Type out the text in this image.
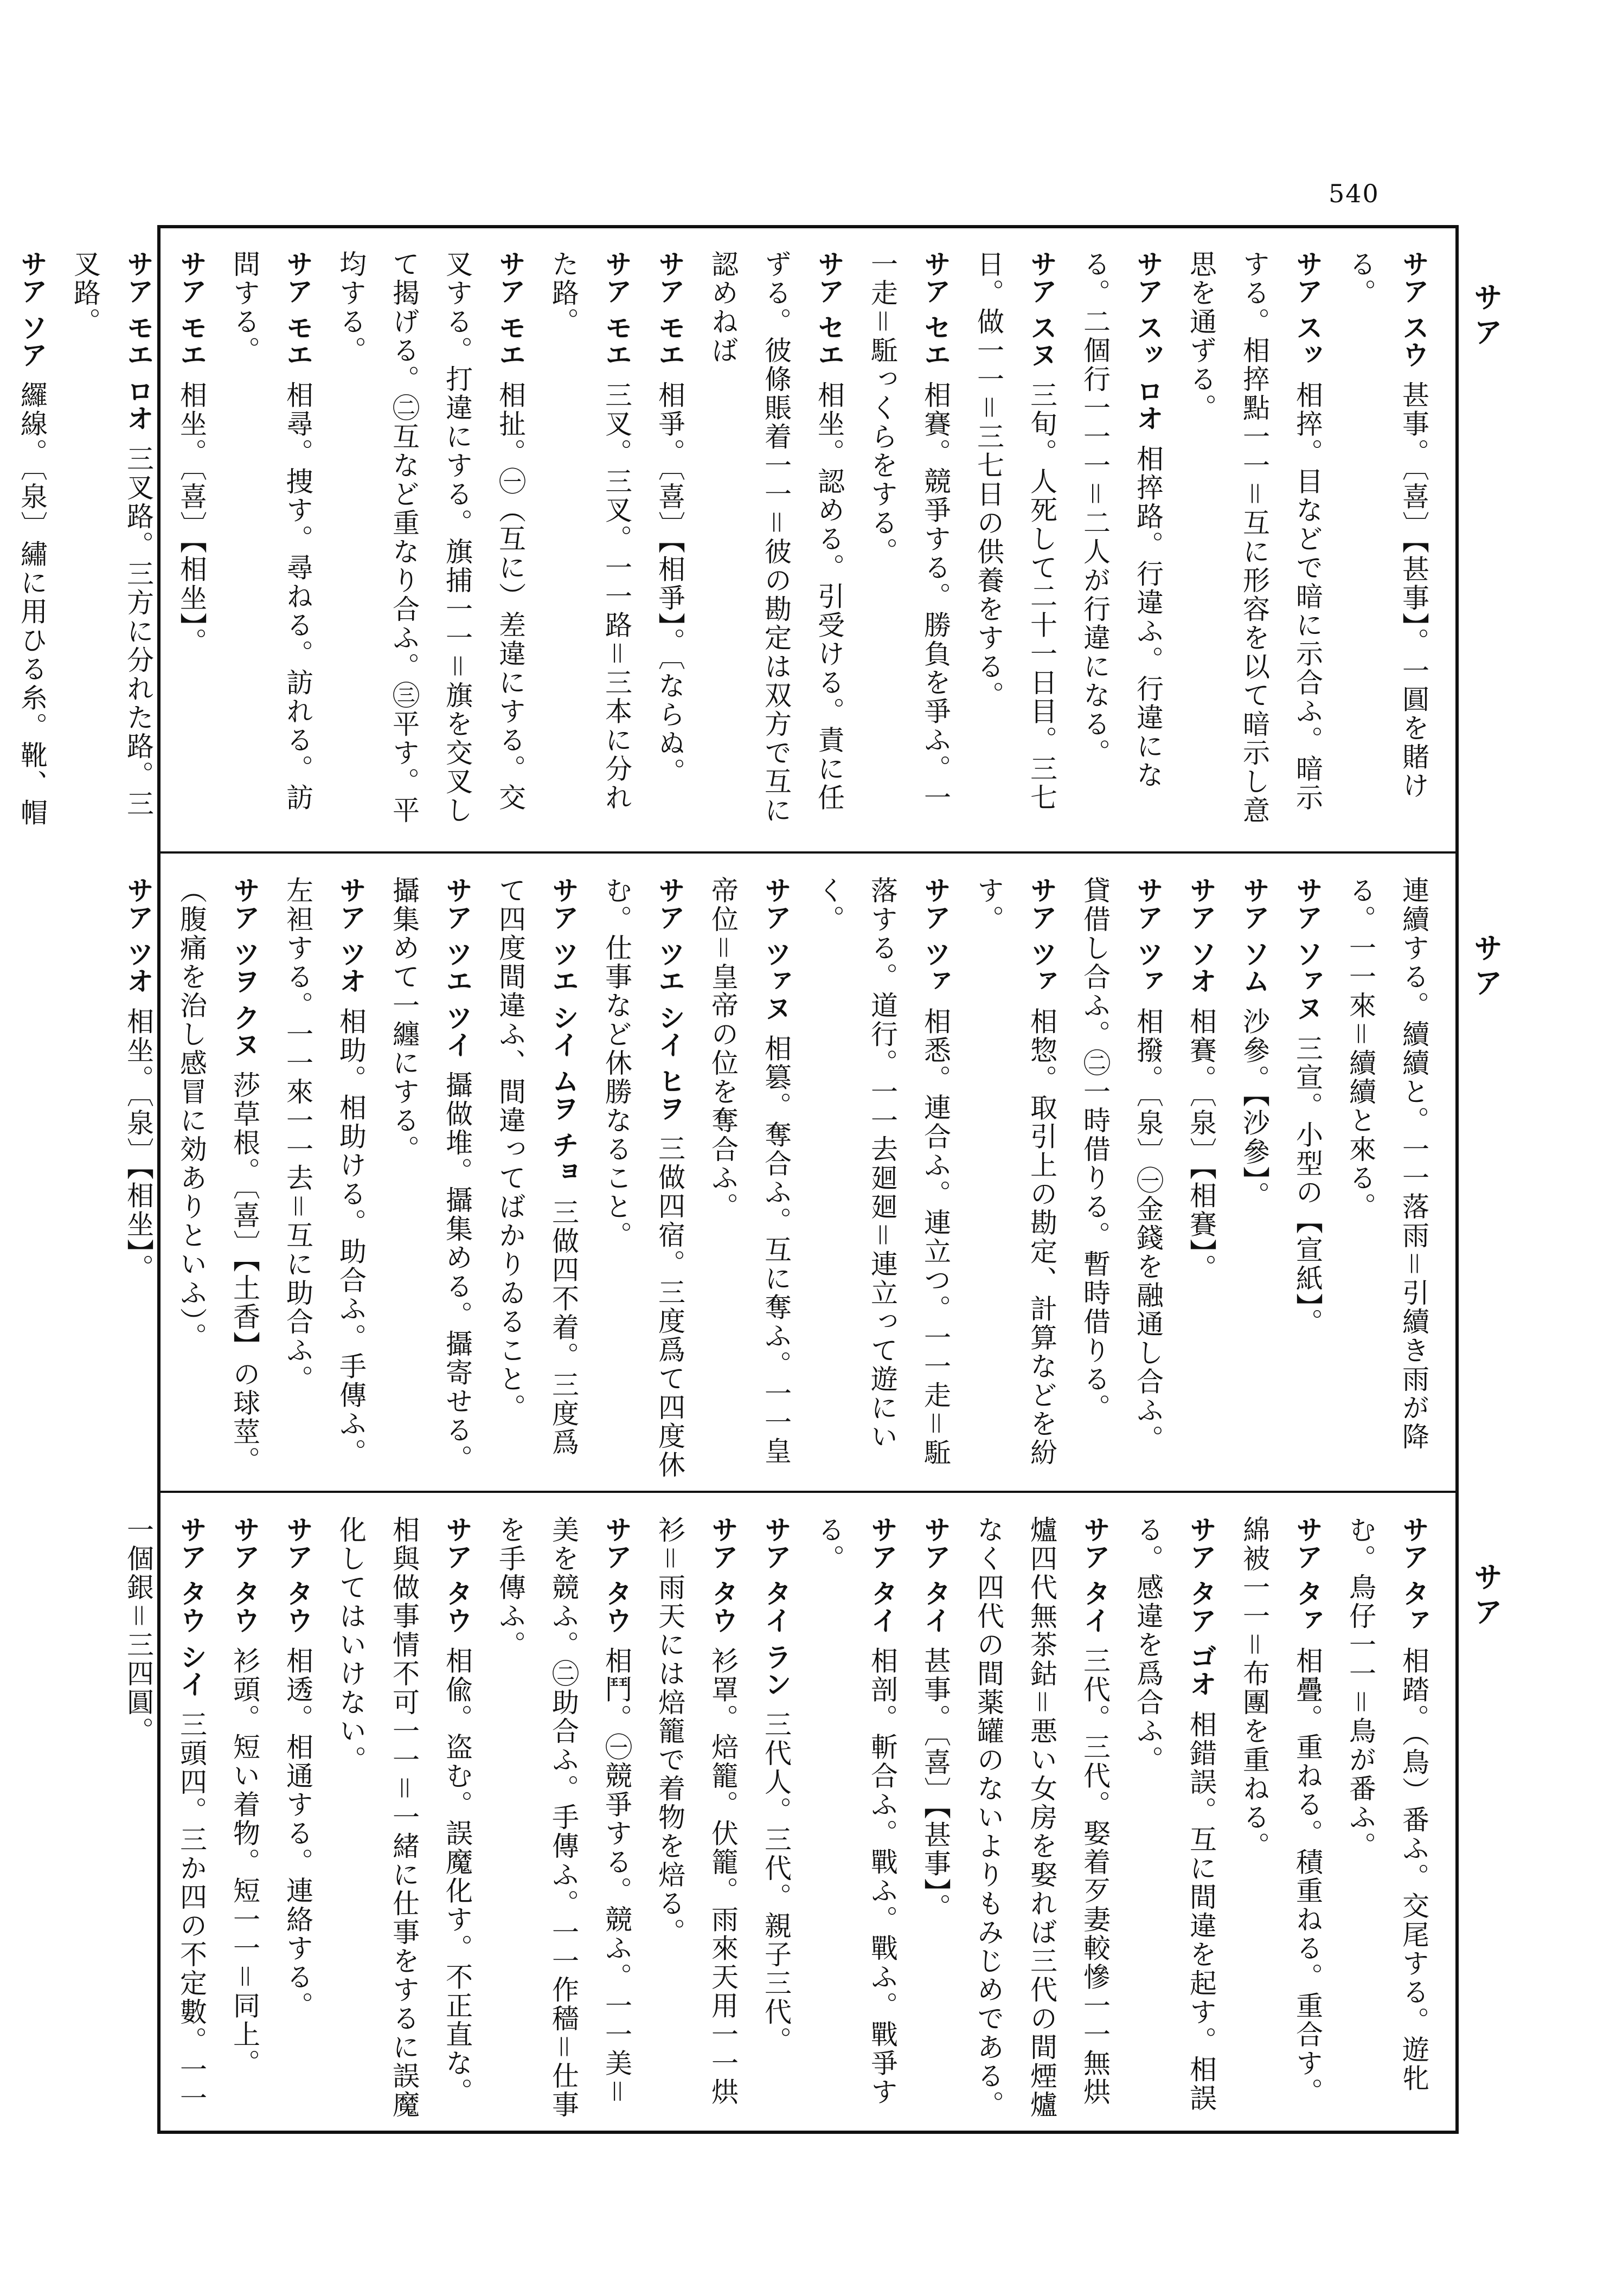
540

サア スウ甚事。〔喜〕【甚事】。一圓を賭ける。

サア スッ相捽。目などで暗に示合ふ。暗示する。相捽點一一＝互に形容を以て暗示し意思を通ずる。

サア スッ ロオ相捽路。行違ふ。行違になる。二個行一一一＝二人が行違になる。

サア スヌ三旬。人死して二十一日目。三七日。做一一＝三七日の供養をする。

サア セエ相賽。競爭する。勝負を爭ふ。一一走＝駈っくらをする。

サア セエ相坐。認める。引受ける。責に任ずる。彼條賬着一一＝彼の勘定は双方で互に認めねば

サア モエ相爭。〔喜〕【相爭】。〔ならぬ。

サア モエ三叉。三叉。一一路＝三本に分れた路。

サア モエ相扯。㊀（互に）差違にする。交叉する。打違にする。旗捕一一＝旗を交叉して揭げる。㊁互など重なり合ふ。㊂平す。平均する。

サア モエ相尋。捜す。尋ねる。訪れる。訪問する。

サア モエ相坐。〔喜〕【相坐】。

サア モエ ロオ三叉路。三方に分れた路。三叉路。

サア ソア纙線。〔泉〕繡に用ひる糸。靴、帽

連續する。續續と。一一落雨＝引續き雨が降る。一一來＝續續と來る。

サア ソァヌ三宣。小型の【宣紙】。

サア ソム沙參。【沙參】。

サア ソオ相賽。〔泉〕【相賽】。

サア ツァ相撥。〔泉〕㊀金錢を融通し合ふ。貸借し合ふ。㊁一時借りる。暫時借りる。

サア ツァ相惣。取引上の勘定、計算などを紛す。

サア ツァ相悉。連合ふ。連立つ。一一走＝駈落する。道行。一一去廻廻＝連立って遊にいく。

サア ツァヌ相篡。奪合ふ。互に奪ふ。一一皇帝位＝皇帝の位を奪合ふ。

サア ツエ シイ ヒヲ三做四宿。三度爲て四度休む。仕事など休勝なること。

サア ツエ シイ ムヲ チョ三做四不着。三度爲て四度間違ふ、間違ってばかりゐること。

サア ツエ ツイ攝做堆。攝集める。攝寄せる。攝集めて一纏にする。

サア ツオ相助。相助ける。助合ふ。手傳ふ。左袒する。一一來一一去＝互に助合ふ。

サア ツヲ クヌ莎草根。〔喜〕【土香】の球莖。（腹痛を治し感冒に効ありといふ）。

サア ツオ相坐。〔泉〕【相坐】。

サア タァ相踏。（鳥）番ふ。交尾する。遊牝む。鳥仔一一＝鳥が番ふ。

サア タァ相疊。重ねる。積重ねる。重合す。綿被一一＝布團を重ねる。

サア タア ゴオ相錯誤。互に間違を起す。相誤る。感違を爲合ふ。

サア タイ三代。三代。娶着歹妻較慘一一無烘爐四代無茶鈷＝悪い女房を娶れば三代の間煙爐なく四代の間薬罐のないよりもみじめである。

サア タイ甚事。〔喜〕【甚事】。

サア タイ相剖。斬合ふ。戰ふ。戰ふ。戰爭する。

サア タイ ラン三代人。三代。親子三代。

サア タウ衫罩。焙籠。伏籠。雨來天用一一烘衫＝雨天には焙籠で着物を焙る。

サア タウ相鬥。㊀競爭する。競ふ。一一美＝美を競ふ。㊁助合ふ。手傳ふ。一一作穡＝仕事を手傳ふ。

サア タウ相偸。盗む。誤魔化す。不正直な。相與做事情不可一一＝一緒に仕事をするに誤魔化してはいけない。

サア タウ相透。相通する。連絡する。

サア タウ衫頭。短い着物。短一一＝同上。

サア タウ シイ三頭四。三か四の不定數。一一一個銀＝三四圓。

サア
サア
サア
